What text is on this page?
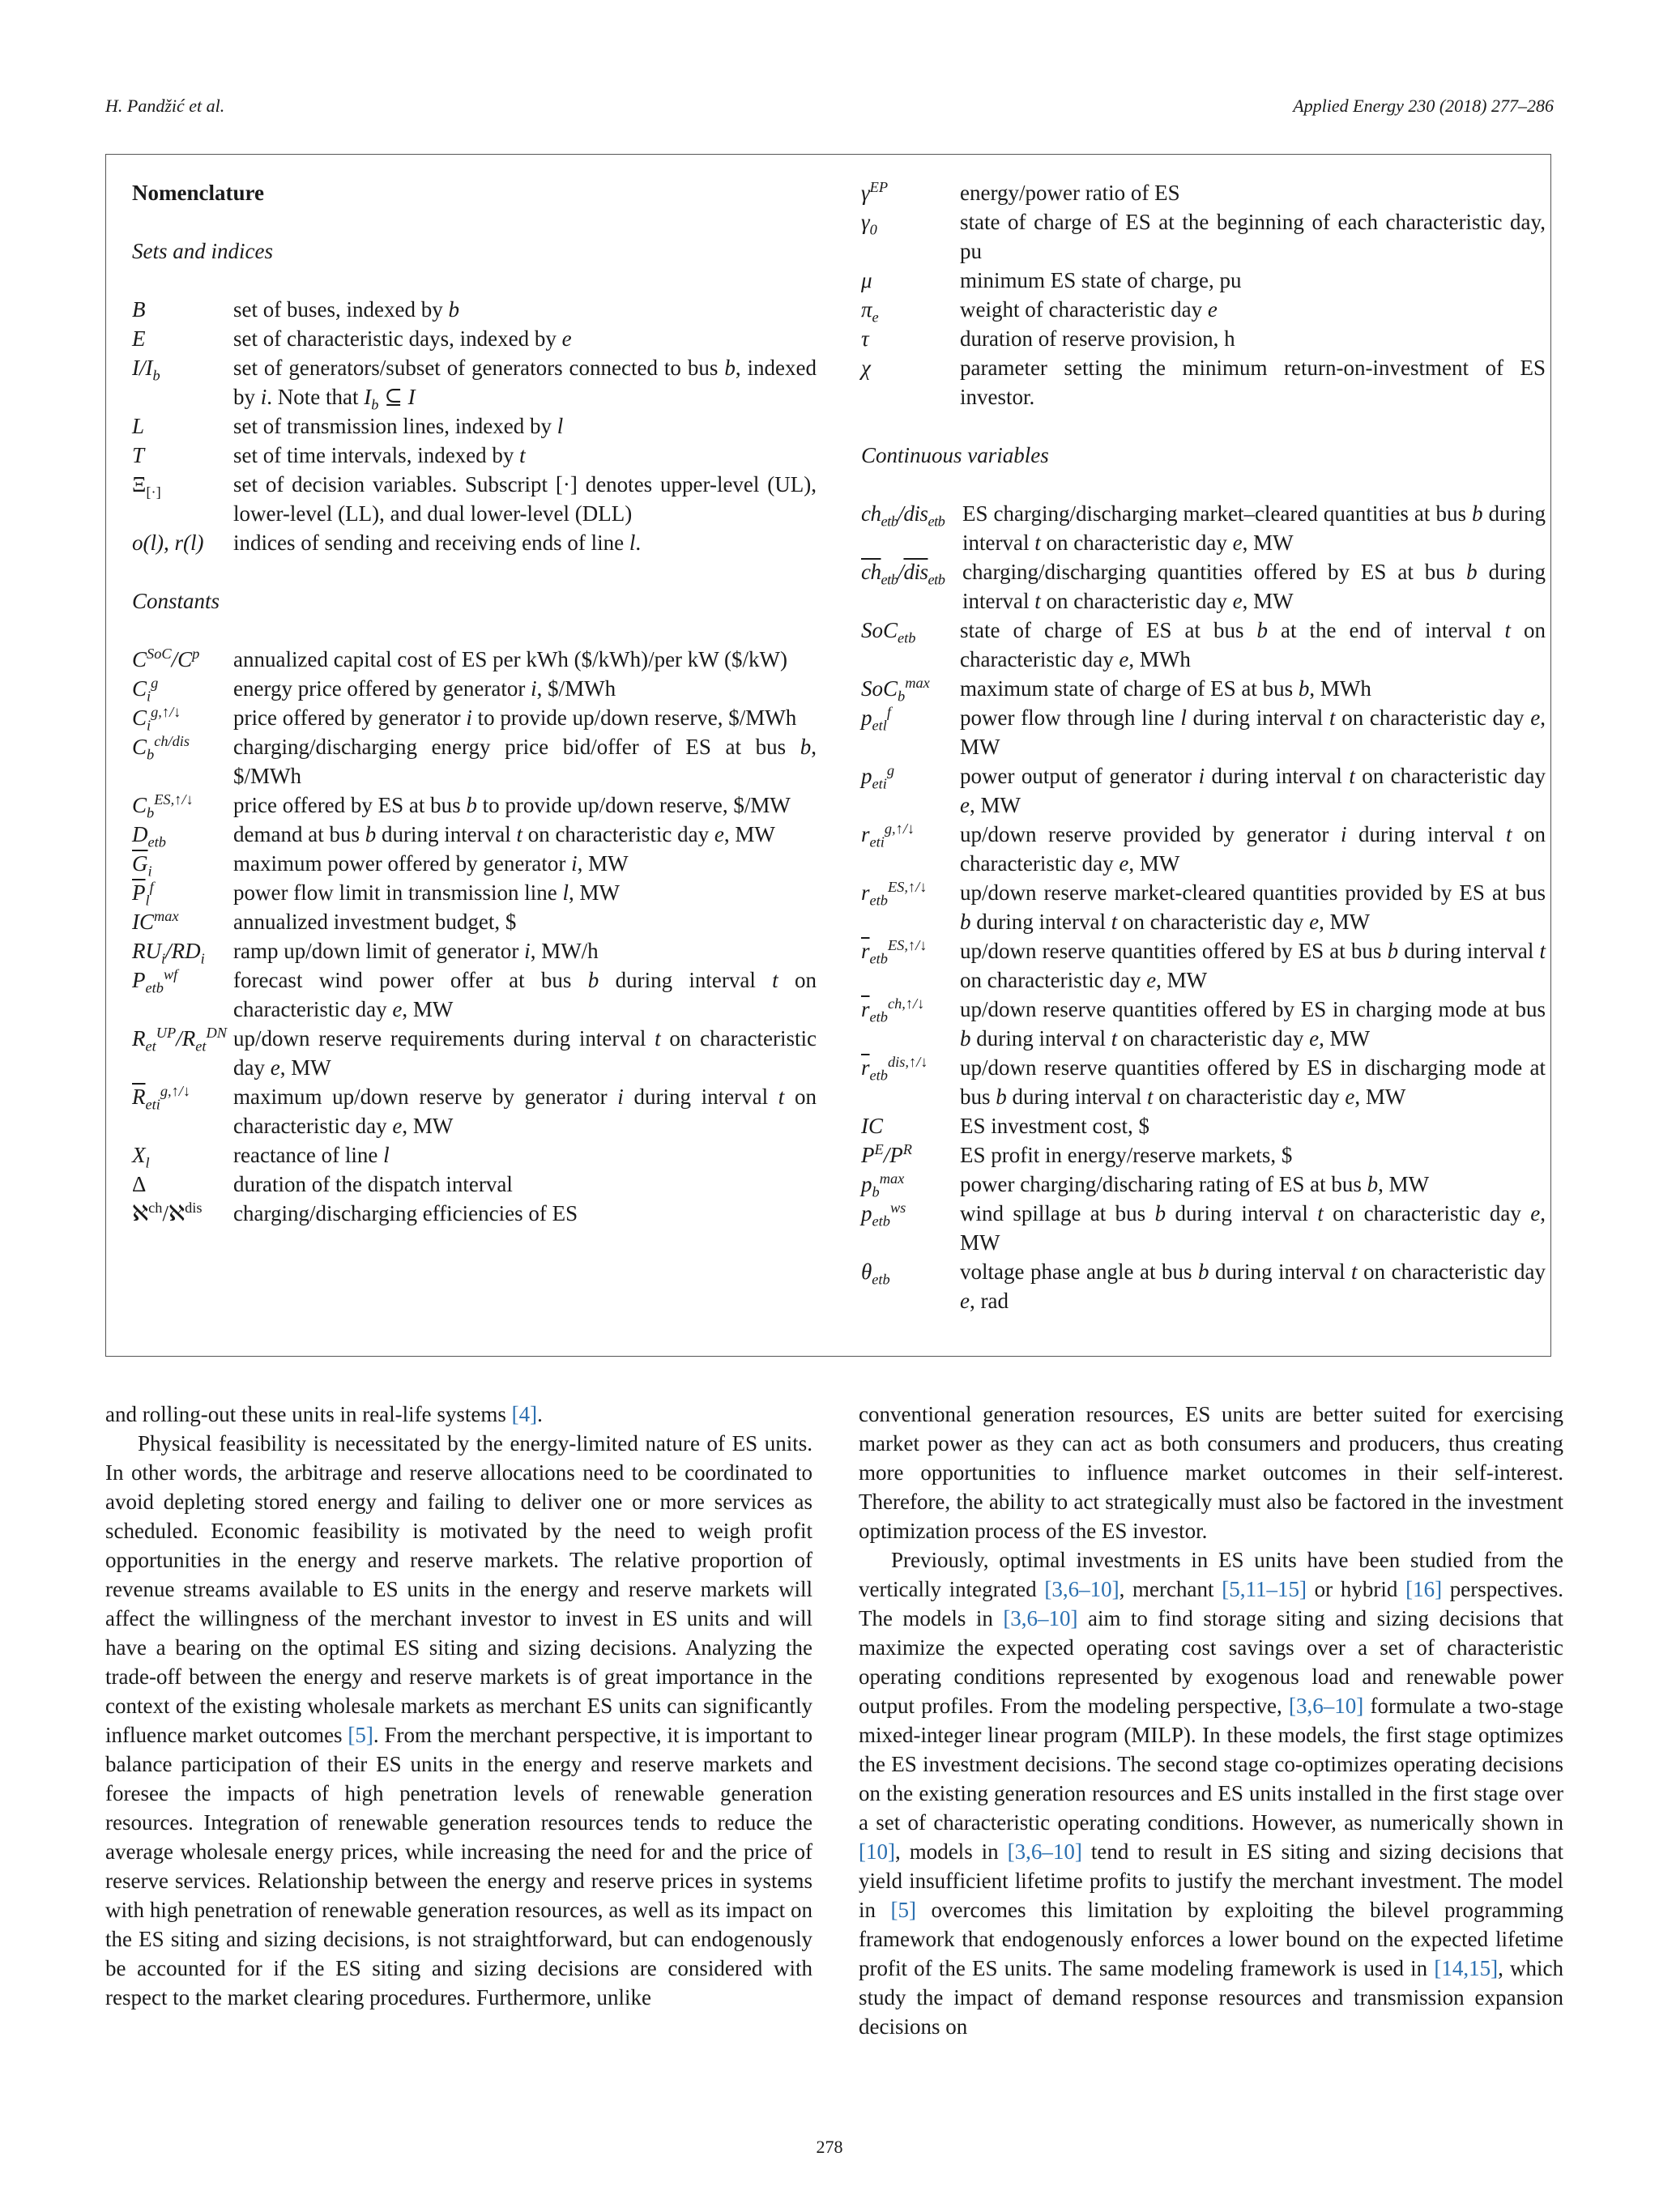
H. Pandžić et al.	Applied Energy 230 (2018) 277–286
Nomenclature

Sets and indices

B	set of buses, indexed by b
E	set of characteristic days, indexed by e
$I/I_b$	set of generators/subset of generators connected to bus b, indexed by i. Note that $I_b$ ⊆ I
L	set of transmission lines, indexed by l
T	set of time intervals, indexed by t
$\Xi_{[\cdot]}$	set of decision variables. Subscript [·] denotes upper-level (UL), lower-level (LL), and dual lower-level (DLL)
o(l), r(l)	indices of sending and receiving ends of line l.

Constants

$C^{SoC}/C^p$	annualized capital cost of ES per kWh ($/kWh)/per kW ($/kW)
$C_i^g$	energy price offered by generator i, $/MWh
$C_i^{g,↑/↓}$	price offered by generator i to provide up/down reserve, $/MWh
$C_b^{ch/dis}$	charging/discharging energy price bid/offer of ES at bus b, $/MWh
$C_b^{ES,↑/↓}$	price offered by ES at bus b to provide up/down reserve, $/MW
$D_{etb}$	demand at bus b during interval t on characteristic day e, MW
$\overline{G}_i$	maximum power offered by generator i, MW
$\overline{P}_l^f$	power flow limit in transmission line l, MW
$IC^{max}$	annualized investment budget, $
$RU_i/RD_i$	ramp up/down limit of generator i, MW/h
$P_{etb}^{wf}$	forecast wind power offer at bus b during interval t on characteristic day e, MW
$R_{et}^{UP}/R_{et}^{DN}$ up/down reserve requirements during interval t on characteristic day e, MW
$\overline{R}_{eti}^{g,↑/↓}$	maximum up/down reserve by generator i during interval t on characteristic day e, MW
$X_l$	reactance of line l
Δ	duration of the dispatch interval
ℵ$^{ch}$/ℵ$^{dis}$	charging/discharging efficiencies of ES
$\gamma^{EP}$	energy/power ratio of ES
$\gamma_0$	state of charge of ES at the beginning of each characteristic day, pu
μ	minimum ES state of charge, pu
$\pi_e$	weight of characteristic day e
τ	duration of reserve provision, h
χ	parameter setting the minimum return-on-investment of ES investor.

Continuous variables

$ch_{etb}/dis_{etb}$ ES charging/discharging market–cleared quantities at bus b during interval t on characteristic day e, MW
$\overline{ch}_{etb}/\overline{dis}_{etb}$ charging/discharging quantities offered by ES at bus b during interval t on characteristic day e, MW
SoC$_{etb}$	state of charge of ES at bus b at the end of interval t on characteristic day e, MWh
SoC$_b^{max}$	maximum state of charge of ES at bus b, MWh
$p_{etl}^f$	power flow through line l during interval t on characteristic day e, MW
$p_{eti}^g$	power output of generator i during interval t on characteristic day e, MW
$r_{eti}^{g,↑/↓}$	up/down reserve provided by generator i during interval t on characteristic day e, MW
$r_{etb}^{ES,↑/↓}$	up/down reserve market-cleared quantities provided by ES at bus b during interval t on characteristic day e, MW
$\overline{r}_{etb}^{ES,↑/↓}$	up/down reserve quantities offered by ES at bus b during interval t on characteristic day e, MW
$\overline{r}_{etb}^{ch,↑/↓}$	up/down reserve quantities offered by ES in charging mode at bus b during interval t on characteristic day e, MW
$\overline{r}_{etb}^{dis,↑/↓}$	up/down reserve quantities offered by ES in discharging mode at bus b during interval t on characteristic day e, MW
IC	ES investment cost, $
$P^E/P^R$	ES profit in energy/reserve markets, $
$p_b^{max}$	power charging/discharing rating of ES at bus b, MW
$p_{etb}^{ws}$	wind spillage at bus b during interval t on characteristic day e, MW
$\theta_{etb}$	voltage phase angle at bus b during interval t on characteristic day e, rad

and rolling-out these units in real-life systems [4].

Physical feasibility is necessitated by the energy-limited nature of ES units. In other words, the arbitrage and reserve allocations need to be coordinated to avoid depleting stored energy and failing to deliver one or more services as scheduled. Economic feasibility is motivated by the need to weigh profit opportunities in the energy and reserve markets. The relative proportion of revenue streams available to ES units in the energy and reserve markets will affect the willingness of the merchant investor to invest in ES units and will have a bearing on the optimal ES siting and sizing decisions. Analyzing the trade-off between the energy and reserve markets is of great importance in the context of the existing wholesale markets as merchant ES units can significantly influence market outcomes [5]. From the merchant perspective, it is important to balance participation of their ES units in the energy and reserve markets and foresee the impacts of high penetration levels of renewable generation resources. Integration of renewable generation resources tends to reduce the average wholesale energy prices, while increasing the need for and the price of reserve services. Relationship between the energy and reserve prices in systems with high penetration of renewable generation resources, as well as its impact on the ES siting and sizing decisions, is not straightforward, but can endogenously be accounted for if the ES siting and sizing decisions are considered with respect to the market clearing procedures. Furthermore, unlike

conventional generation resources, ES units are better suited for exercising market power as they can act as both consumers and producers, thus creating more opportunities to influence market outcomes in their self-interest. Therefore, the ability to act strategically must also be factored in the investment optimization process of the ES investor.

Previously, optimal investments in ES units have been studied from the vertically integrated [3,6–10], merchant [5,11–15] or hybrid [16] perspectives. The models in [3,6–10] aim to find storage siting and sizing decisions that maximize the expected operating cost savings over a set of characteristic operating conditions represented by exogenous load and renewable power output profiles. From the modeling perspective, [3,6–10] formulate a two-stage mixed-integer linear program (MILP). In these models, the first stage optimizes the ES investment decisions. The second stage co-optimizes operating decisions on the existing generation resources and ES units installed in the first stage over a set of characteristic operating conditions. However, as numerically shown in [10], models in [3,6–10] tend to result in ES siting and sizing decisions that yield insufficient lifetime profits to justify the merchant investment. The model in [5] overcomes this limitation by exploiting the bilevel programming framework that endogenously enforces a lower bound on the expected lifetime profit of the ES units. The same modeling framework is used in [14,15], which study the impact of demand response resources and transmission expansion decisions on

278
